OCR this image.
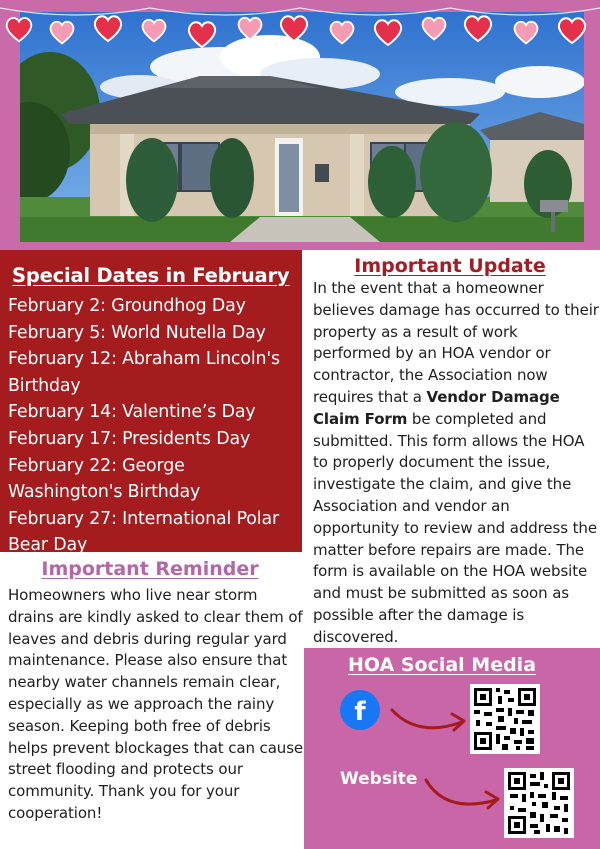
Special Dates in February
February 2: Groundhog Day
February 5: World Nutella Day
February 12: Abraham Lincoln's Birthday
February 14: Valentine’s Day
February 17: Presidents Day
February 22: George Washington's Birthday
February 27: International Polar Bear Day
Important Update
In the event that a homeowner believes damage has occurred to their property as a result of work performed by an HOA vendor or contractor, the Association now requires that a Vendor Damage Claim Form be completed and submitted. This form allows the HOA to properly document the issue, investigate the claim, and give the Association and vendor an opportunity to review and address the matter before repairs are made. The form is available on the HOA website and must be submitted as soon as possible after the damage is discovered.
Important Reminder
Homeowners who live near storm drains are kindly asked to clear them of leaves and debris during regular yard maintenance. Please also ensure that nearby water channels remain clear, especially as we approach the rainy season. Keeping both free of debris helps prevent blockages that can cause street flooding and protects our community. Thank you for your cooperation!
HOA Social Media
f
Website
